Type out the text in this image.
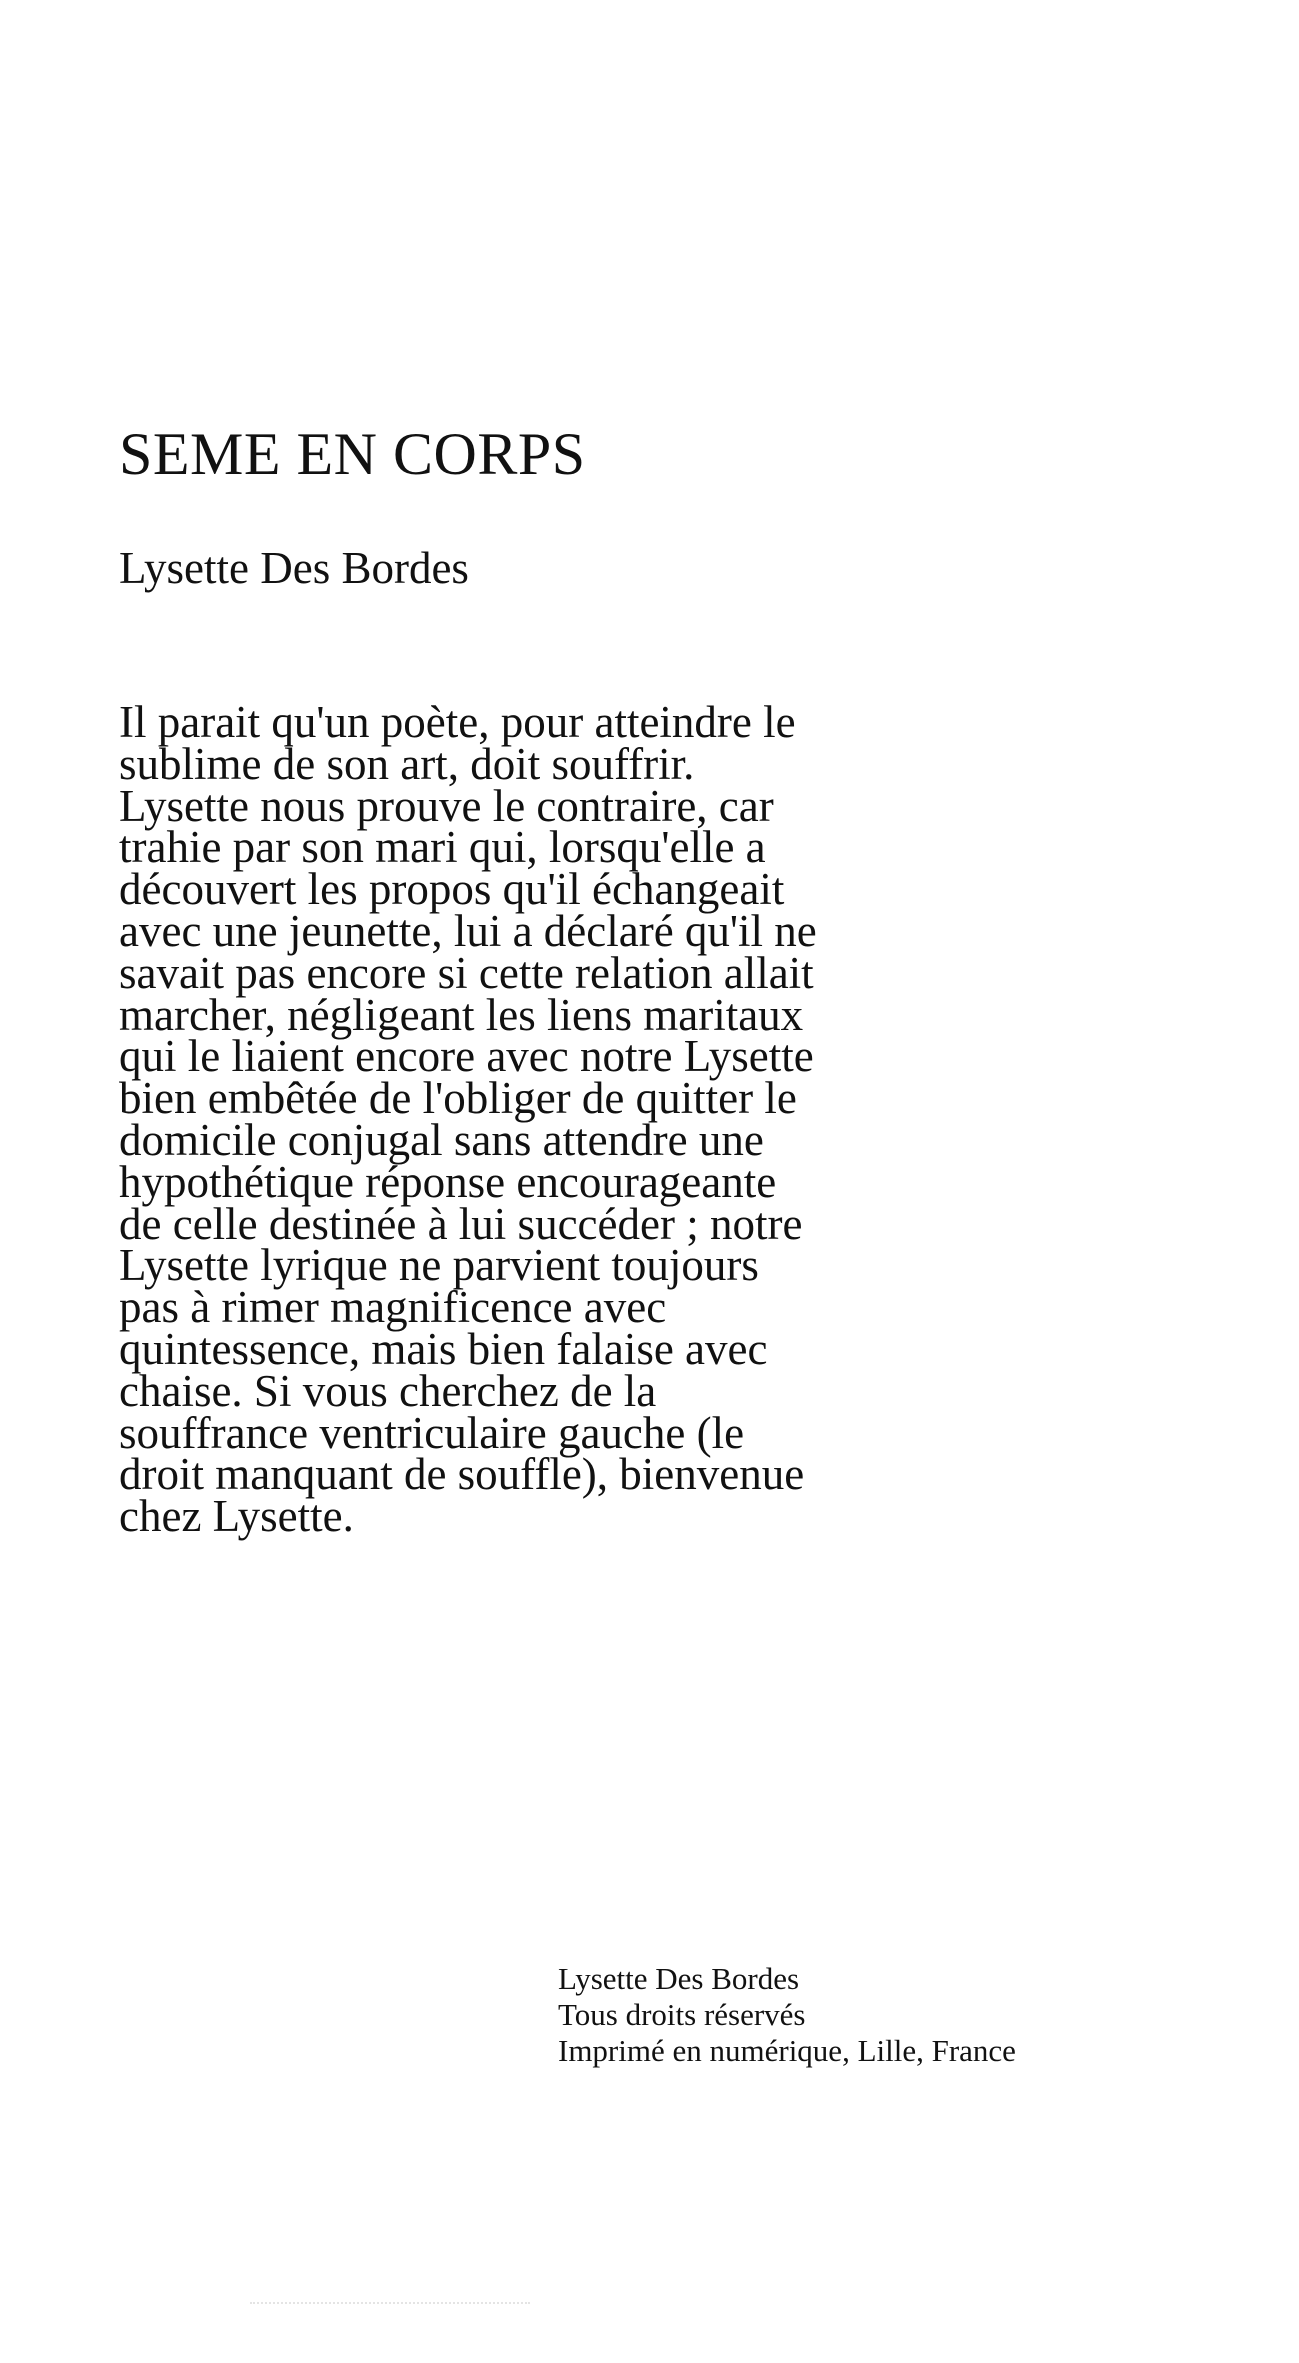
SEME EN CORPS
Lysette Des Bordes

Il parait qu'un poète, pour atteindre le
sublime de son art, doit souffrir.
Lysette nous prouve le contraire, car
trahie par son mari qui, lorsqu'elle a
découvert les propos qu'il échangeait
avec une jeunette, lui a déclaré qu'il ne
savait pas encore si cette relation allait
marcher, négligeant les liens maritaux
qui le liaient encore avec notre Lysette
bien embêtée de l'obliger de quitter le
domicile conjugal sans attendre une
hypothétique réponse encourageante
de celle destinée à lui succéder ; notre
Lysette lyrique ne parvient toujours
pas à rimer magnificence avec
quintessence, mais bien falaise avec
chaise. Si vous cherchez de la
souffrance ventriculaire gauche (le
droit manquant de souffle), bienvenue
chez Lysette.

Lysette Des Bordes
Tous droits réservés
Imprimé en numérique, Lille, France
